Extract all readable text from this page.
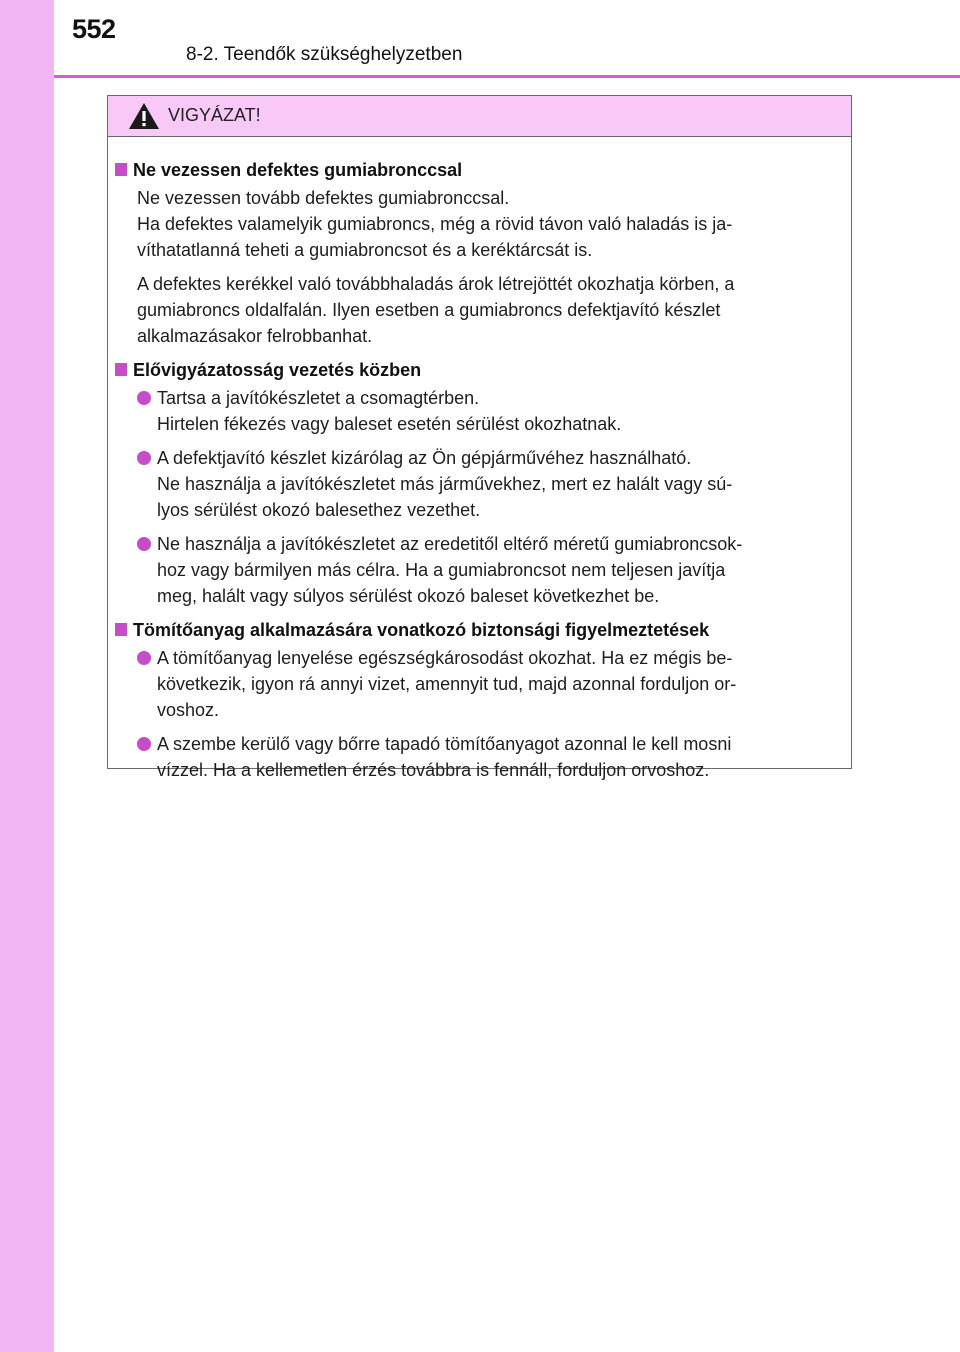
552
8-2. Teendők szükséghelyzetben
VIGYÁZAT!
Ne vezessen defektes gumiabronccsal
Ne vezessen tovább defektes gumiabronccsal.
Ha defektes valamelyik gumiabroncs, még a rövid távon való haladás is ja-
víthatatlanná teheti a gumiabroncsot és a keréktárcsát is.
A defektes kerékkel való továbbhaladás árok létrejöttét okozhatja körben, a
gumiabroncs oldalfalán. Ilyen esetben a gumiabroncs defektjavító készlet
alkalmazásakor felrobbanhat.
Elővigyázatosság vezetés közben
Tartsa a javítókészletet a csomagtérben.
Hirtelen fékezés vagy baleset esetén sérülést okozhatnak.
A defektjavító készlet kizárólag az Ön gépjárművéhez használható.
Ne használja a javítókészletet más járművekhez, mert ez halált vagy sú-
lyos sérülést okozó balesethez vezethet.
Ne használja a javítókészletet az eredetitől eltérő méretű gumiabroncsok-
hoz vagy bármilyen más célra. Ha a gumiabroncsot nem teljesen javítja
meg, halált vagy súlyos sérülést okozó baleset következhet be.
Tömítőanyag alkalmazására vonatkozó biztonsági figyelmeztetések
A tömítőanyag lenyelése egészségkárosodást okozhat. Ha ez mégis be-
következik, igyon rá annyi vizet, amennyit tud, majd azonnal forduljon or-
voshoz.
A szembe kerülő vagy bőrre tapadó tömítőanyagot azonnal le kell mosni
vízzel. Ha a kellemetlen érzés továbbra is fennáll, forduljon orvoshoz.
